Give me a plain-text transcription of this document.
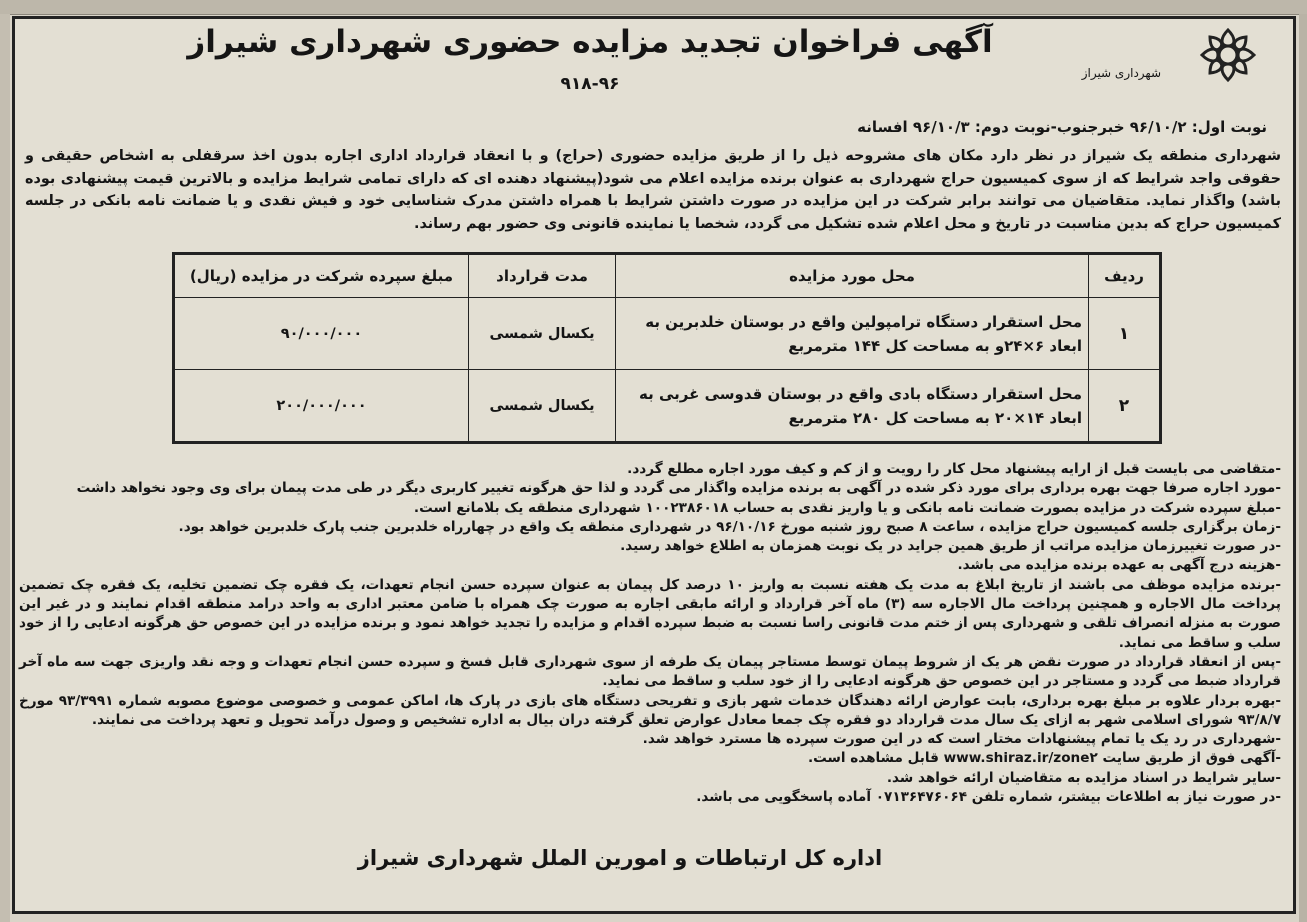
شهرداری شیراز
آگهی فراخوان تجدید مزایده حضوری شهرداری شیراز
۹۱۸-۹۶
نوبت اول: ۹۶/۱۰/۲ خبرجنوب-نوبت دوم: ۹۶/۱۰/۳ افسانه
شهرداری منطقه یک شیراز در نظر دارد مکان های مشروحه ذیل را از طریق مزایده حضوری (حراج) و با انعقاد قرارداد اداری اجاره بدون اخذ سرقفلی به اشخاص حقیقی و حقوقی واجد شرایط که از سوی کمیسیون حراج شهرداری به عنوان برنده مزایده اعلام می شود(پیشنهاد دهنده ای که دارای تمامی شرایط مزایده و بالاترین قیمت پیشنهادی بوده باشد) واگذار نماید. متقاضیان می توانند برابر شرکت در این مزایده در صورت داشتن شرایط با همراه داشتن مدرک شناسایی خود و فیش نقدی و یا ضمانت نامه بانکی در جلسه کمیسیون حراج که بدین مناسبت در تاریخ و محل اعلام شده تشکیل می گردد، شخصا یا نماینده قانونی وی حضور بهم رساند.
ردیف	محل مورد مزایده	مدت قرارداد	مبلغ سپرده شرکت در مزایده (ریال)
۱	محل استقرار دستگاه ترامپولین واقع در بوستان خلدبرین به ابعاد ۶×۲۴و به مساحت کل ۱۴۴ مترمربع	یکسال شمسی	۹۰/۰۰۰/۰۰۰
۲	محل استقرار دستگاه بادی واقع در بوستان قدوسی غربی به ابعاد ۱۴×۲۰ به مساحت کل ۲۸۰ مترمربع	یکسال شمسی	۲۰۰/۰۰۰/۰۰۰

-متقاضی می بایست قبل از ارایه پیشنهاد محل کار را رویت و از کم و کیف مورد اجاره مطلع گردد.

-مورد اجاره صرفا جهت بهره برداری برای مورد ذکر شده در آگهی به برنده مزایده واگذار می گردد و لذا حق هرگونه تغییر کاربری دیگر در طی مدت پیمان برای وی وجود نخواهد داشت

-مبلغ سپرده شرکت در مزایده بصورت ضمانت نامه بانکی و یا واریز نقدی به حساب ۱۰۰۲۳۸۶۰۱۸ شهرداری منطقه یک بلامانع است.

-زمان برگزاری جلسه کمیسیون حراج مزایده ، ساعت ۸ صبح روز شنبه مورخ ۹۶/۱۰/۱۶ در شهرداری منطقه یک واقع در چهارراه خلدبرین جنب پارک خلدبرین خواهد بود.

-در صورت تغییرزمان مزایده مراتب از طریق همین جراید در یک نوبت همزمان به اطلاع خواهد رسید.

-هزینه درج آگهی به عهده برنده مزایده می باشد.

-برنده مزایده موظف می باشند از تاریخ ابلاغ به مدت یک هفته نسبت به واریز ۱۰ درصد کل پیمان به عنوان سپرده حسن انجام تعهدات، یک فقره چک تضمین تخلیه، یک فقره چک تضمین پرداخت مال الاجاره و همچنین پرداخت مال الاجاره سه (۳) ماه آخر قرارداد و ارائه مابقی اجاره به صورت چک همراه با ضامن معتبر اداری به واحد درامد منطقه اقدام نمایند و در غیر این صورت به منزله انصراف تلقی و شهرداری پس از ختم مدت قانونی راسا نسبت به ضبط سپرده اقدام و مزایده را تجدید خواهد نمود و برنده مزایده در این خصوص حق هرگونه ادعایی را از خود سلب و ساقط می نماید.

-پس از انعقاد قرارداد در صورت نقض هر یک از شروط پیمان توسط مستاجر پیمان یک طرفه از سوی شهرداری قابل فسخ و سپرده حسن انجام تعهدات و وجه نقد واریزی جهت سه ماه آخر قرارداد ضبط می گردد و مستاجر در این خصوص حق هرگونه ادعایی را از خود سلب و ساقط می نماید.

-بهره بردار علاوه بر مبلغ بهره برداری، بابت عوارض ارائه دهندگان خدمات شهر بازی و تفریحی دستگاه های بازی در پارک ها، اماکن عمومی و خصوصی موضوع مصوبه شماره ۹۳/۳۹۹۱ مورخ ۹۳/۸/۷ شورای اسلامی شهر به ازای یک سال مدت قرارداد دو فقره چک جمعا معادل عوارض تعلق گرفته دران بیال به اداره تشخیص و وصول درآمد تحویل و تعهد پرداخت می نمایند.

-شهرداری در رد یک یا تمام پیشنهادات مختار است که در این صورت سپرده ها مسترد خواهد شد.

-آگهی فوق از طریق سایت www.shiraz.ir/zone۲ قابل مشاهده است.

-سایر شرایط در اسناد مزایده به متقاضیان ارائه خواهد شد.

-در صورت نیاز به اطلاعات بیشتر، شماره تلفن ۰۷۱۳۶۴۷۶۰۶۴ آماده پاسخگویی می باشد.

اداره کل ارتباطات و امورین الملل شهرداری شیراز
